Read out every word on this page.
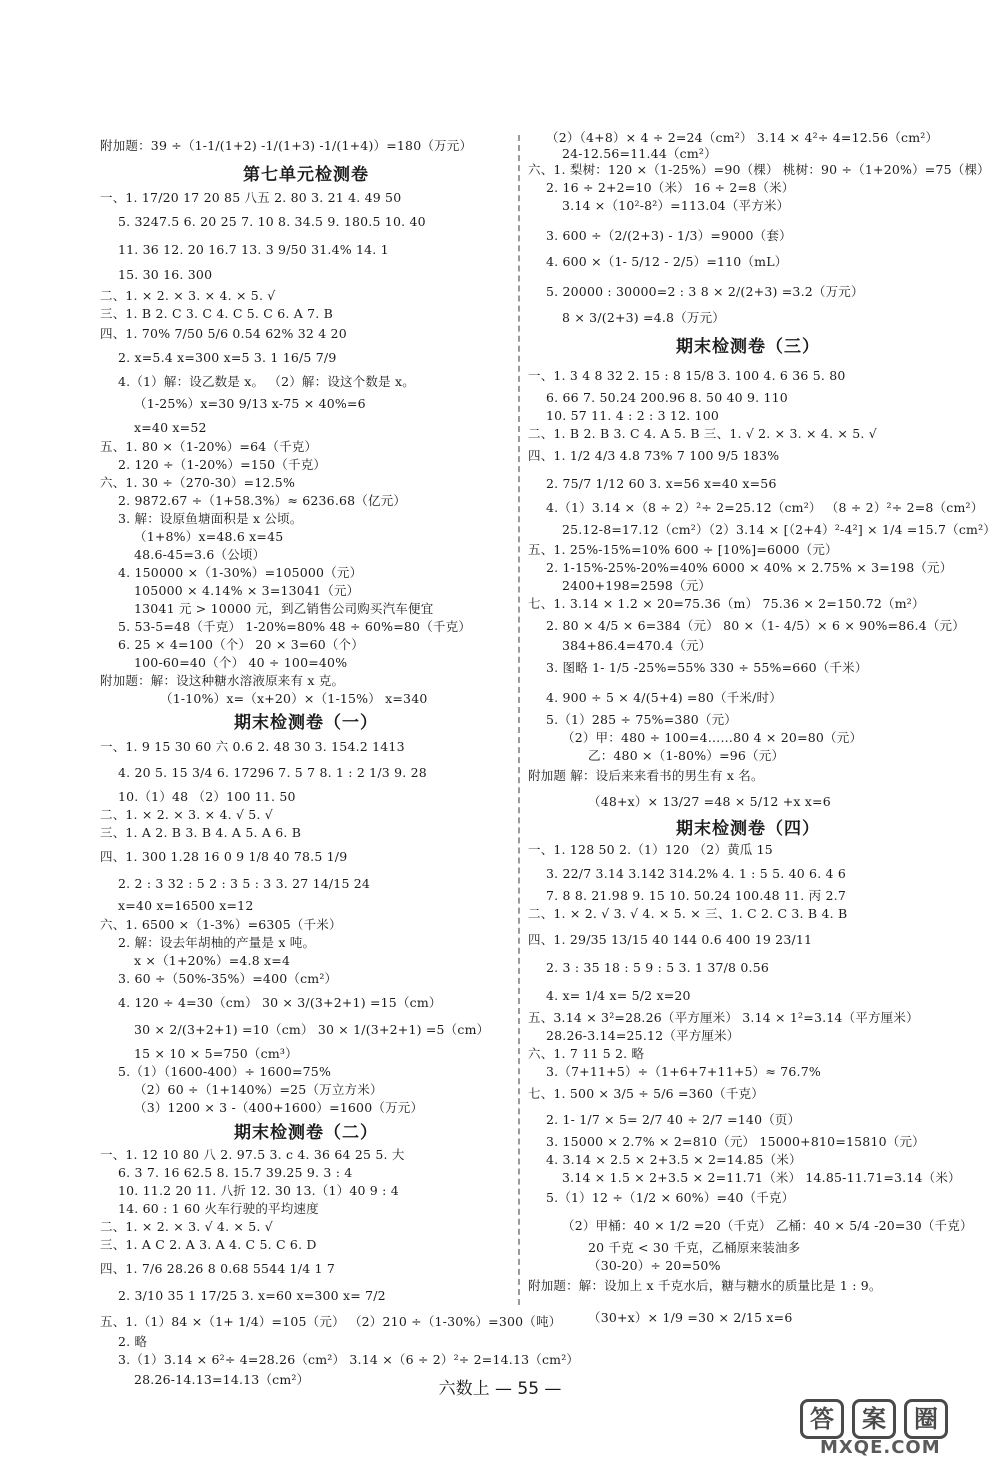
第七单元检测卷
期末检测卷（一）
期末检测卷（二）
附加题：39 ÷（1-1/(1+2) -1/(1+3) -1/(1+4)）=180（万元）
一、1. 17/20 17 20 85 八五 2. 80 3. 21 4. 49 50
5. 3247.5 6. 20 25 7. 10 8. 34.5 9. 180.5 10. 40
11. 36 12. 20 16.7 13. 3 9/50 31.4% 14. 1
15. 30 16. 300
二、1. × 2. × 3. × 4. × 5. √
三、1. B 2. C 3. C 4. C 5. C 6. A 7. B
四、1. 70% 7/50 5/6 0.54 62% 32 4 20
2. x=5.4 x=300 x=5 3. 1 16/5 7/9
4.（1）解：设乙数是 x。 （2）解：设这个数是 x。
（1-25%）x=30 9/13 x-75 × 40%=6
x=40 x=52
五、1. 80 ×（1-20%）=64（千克）
2. 120 ÷（1-20%）=150（千克）
六、1. 30 ÷（270-30）=12.5%
2. 9872.67 ÷（1+58.3%）≈ 6236.68（亿元）
3. 解：设原鱼塘面积是 x 公顷。
（1+8%）x=48.6 x=45
48.6-45=3.6（公顷）
4. 150000 ×（1-30%）=105000（元）
105000 × 4.14% × 3=13041（元）
13041 元 > 10000 元，到乙销售公司购买汽车便宜
5. 53-5=48（千克） 1-20%=80% 48 ÷ 60%=80（千克）
6. 25 × 4=100（个） 20 × 3=60（个）
100-60=40（个） 40 ÷ 100=40%
附加题：解：设这种糖水溶液原来有 x 克。
（1-10%）x=（x+20）×（1-15%） x=340
一、1. 9 15 30 60 六 0.6 2. 48 30 3. 154.2 1413
4. 20 5. 15 3/4 6. 17296 7. 5 7 8. 1 : 2 1/3 9. 28
10.（1）48 （2）100 11. 50
二、1. × 2. × 3. × 4. √ 5. √
三、1. A 2. B 3. B 4. A 5. A 6. B
四、1. 300 1.28 16 0 9 1/8 40 78.5 1/9
2. 2 : 3 32 : 5 2 : 3 5 : 3 3. 27 14/15 24
x=40 x=16500 x=12
六、1. 6500 ×（1-3%）=6305（千米）
2. 解：设去年胡柚的产量是 x 吨。
x ×（1+20%）=4.8 x=4
3. 60 ÷（50%-35%）=400（cm²）
4. 120 ÷ 4=30（cm） 30 × 3/(3+2+1) =15（cm）
30 × 2/(3+2+1) =10（cm） 30 × 1/(3+2+1) =5（cm）
15 × 10 × 5=750（cm³）
5.（1）（1600-400）÷ 1600=75%
（2）60 ÷（1+140%）=25（万立方米）
（3）1200 × 3 -（400+1600）=1600（万元）
一、1. 12 10 80 八 2. 97.5 3. c 4. 36 64 25 5. 大
6. 3 7. 16 62.5 8. 15.7 39.25 9. 3 : 4
10. 11.2 20 11. 八折 12. 30 13.（1）40 9 : 4
14. 60 : 1 60 火车行驶的平均速度
二、1. × 2. × 3. √ 4. × 5. √
三、1. A C 2. A 3. A 4. C 5. C 6. D
四、1. 7/6 28.26 8 0.68 5544 1/4 1 7
2. 3/10 35 1 17/25 3. x=60 x=300 x= 7/2
五、1.（1）84 ×（1+ 1/4）=105（元） （2）210 ÷（1-30%）=300（吨）
2. 略
3.（1）3.14 × 6²÷ 4=28.26（cm²） 3.14 ×（6 ÷ 2）²÷ 2=14.13（cm²）
28.26-14.13=14.13（cm²）
期末检测卷（三）
期末检测卷（四）
（2）（4+8）× 4 ÷ 2=24（cm²） 3.14 × 4²÷ 4=12.56（cm²）
24-12.56=11.44（cm²）
六、1. 梨树：120 ×（1-25%）=90（棵） 桃树：90 ÷（1+20%）=75（棵）
2. 16 ÷ 2+2=10（米） 16 ÷ 2=8（米）
3.14 ×（10²-8²）=113.04（平方米）
3. 600 ÷（2/(2+3) - 1/3）=9000（套）
4. 600 ×（1- 5/12 - 2/5）=110（mL）
5. 20000 : 30000=2 : 3 8 × 2/(2+3) =3.2（万元）
8 × 3/(2+3) =4.8（万元）
一、1. 3 4 8 32 2. 15 : 8 15/8 3. 100 4. 6 36 5. 80
6. 66 7. 50.24 200.96 8. 50 40 9. 110
10. 57 11. 4 : 2 : 3 12. 100
二、1. B 2. B 3. C 4. A 5. B 三、1. √ 2. × 3. × 4. × 5. √
四、1. 1/2 4/3 4.8 73% 7 100 9/5 183%
2. 75/7 1/12 60 3. x=56 x=40 x=56
4.（1）3.14 ×（8 ÷ 2）²÷ 2=25.12（cm²） （8 ÷ 2）²÷ 2=8（cm²）
25.12-8=17.12（cm²）（2）3.14 × [（2+4）²-4²] × 1/4 =15.7（cm²）
五、1. 25%-15%=10% 600 ÷ [10%]=6000（元）
2. 1-15%-25%-20%=40% 6000 × 40% × 2.75% × 3=198（元）
2400+198=2598（元）
七、1. 3.14 × 1.2 × 20=75.36（m） 75.36 × 2=150.72（m²）
2. 80 × 4/5 × 6=384（元） 80 ×（1- 4/5）× 6 × 90%=86.4（元）
384+86.4=470.4（元）
3. 图略 1- 1/5 -25%=55% 330 ÷ 55%=660（千米）
4. 900 ÷ 5 × 4/(5+4) =80（千米/时）
5.（1）285 ÷ 75%=380（元）
（2）甲：480 ÷ 100=4……80 4 × 20=80（元）
乙：480 ×（1-80%）=96（元）
附加题 解：设后来来看书的男生有 x 名。
（48+x）× 13/27 =48 × 5/12 +x x=6
一、1. 128 50 2.（1）120 （2）黄瓜 15
3. 22/7 3.14 3.142 314.2% 4. 1 : 5 5. 40 6. 4 6
7. 8 8. 21.98 9. 15 10. 50.24 100.48 11. 丙 2.7
二、1. × 2. √ 3. √ 4. × 5. × 三、1. C 2. C 3. B 4. B
四、1. 29/35 13/15 40 144 0.6 400 19 23/11
2. 3 : 35 18 : 5 9 : 5 3. 1 37/8 0.56
4. x= 1/4 x= 5/2 x=20
五、3.14 × 3²=28.26（平方厘米） 3.14 × 1²=3.14（平方厘米）
28.26-3.14=25.12（平方厘米）
六、1. 7 11 5 2. 略
3.（7+11+5）÷（1+6+7+11+5）≈ 76.7%
七、1. 500 × 3/5 ÷ 5/6 =360（千克）
2. 1- 1/7 × 5= 2/7 40 ÷ 2/7 =140（页）
3. 15000 × 2.7% × 2=810（元） 15000+810=15810（元）
4. 3.14 × 2.5 × 2+3.5 × 2=14.85（米）
3.14 × 1.5 × 2+3.5 × 2=11.71（米） 14.85-11.71=3.14（米）
5.（1）12 ÷（1/2 × 60%）=40（千克）
（2）甲桶：40 × 1/2 =20（千克） 乙桶：40 × 5/4 -20=30（千克）
20 千克 < 30 千克，乙桶原来装油多
（30-20）÷ 20=50%
附加题：解：设加上 x 千克水后，糖与糖水的质量比是 1 : 9。
（30+x）× 1/9 =30 × 2/15 x=6
六数上 — 55 —
答	案	圈
MXQE.COM
